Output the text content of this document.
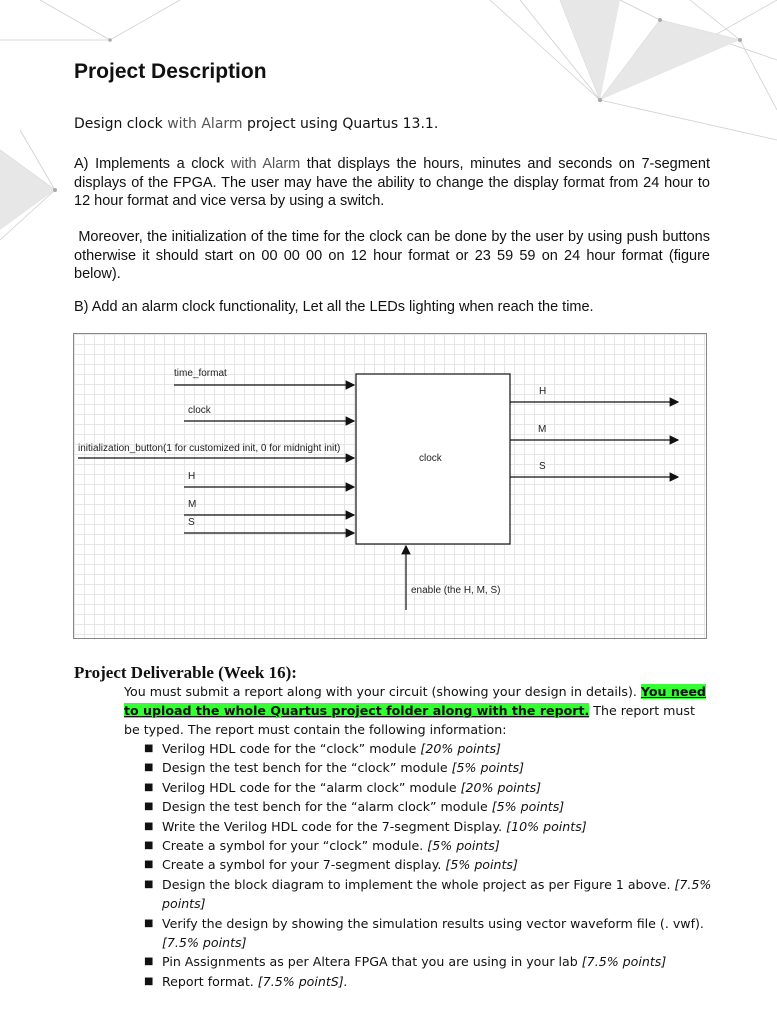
Project Description
Design clock with Alarm project using Quartus 13.1.
A) Implements a clock with Alarm that displays the hours, minutes and seconds on 7-segment displays of the FPGA. The user may have the ability to change the display format from 24 hour to 12 hour format and vice versa by using a switch.
Moreover, the initialization of the time for the clock can be done by the user by using push buttons otherwise it should start on 00 00 00 on 12 hour format or 23 59 59 on 24 hour format (figure below).
B) Add an alarm clock functionality, Let all the LEDs lighting when reach the time.
time_format
clock
initialization_button(1 for customized init, 0 for midnight init)
H
M
S
clock
H
M
S
enable (the H, M, S)
Project Deliverable (Week 16):
You must submit a report along with your circuit (showing your design in details). You need to upload the whole Quartus project folder along with the report. The report must be typed. The report must contain the following information:
■ Verilog HDL code for the “clock” module [20% points]
■ Design the test bench for the “clock” module [5% points]
■ Verilog HDL code for the “alarm clock” module [20% points]
■ Design the test bench for the “alarm clock” module [5% points]
■ Write the Verilog HDL code for the 7-segment Display. [10% points]
■ Create a symbol for your “clock” module. [5% points]
■ Create a symbol for your 7-segment display. [5% points]
■ Design the block diagram to implement the whole project as per Figure 1 above. [7.5% points]
■ Verify the design by showing the simulation results using vector waveform file (. vwf). [7.5% points]
■ Pin Assignments as per Altera FPGA that you are using in your lab [7.5% points]
■ Report format. [7.5% pointS].
